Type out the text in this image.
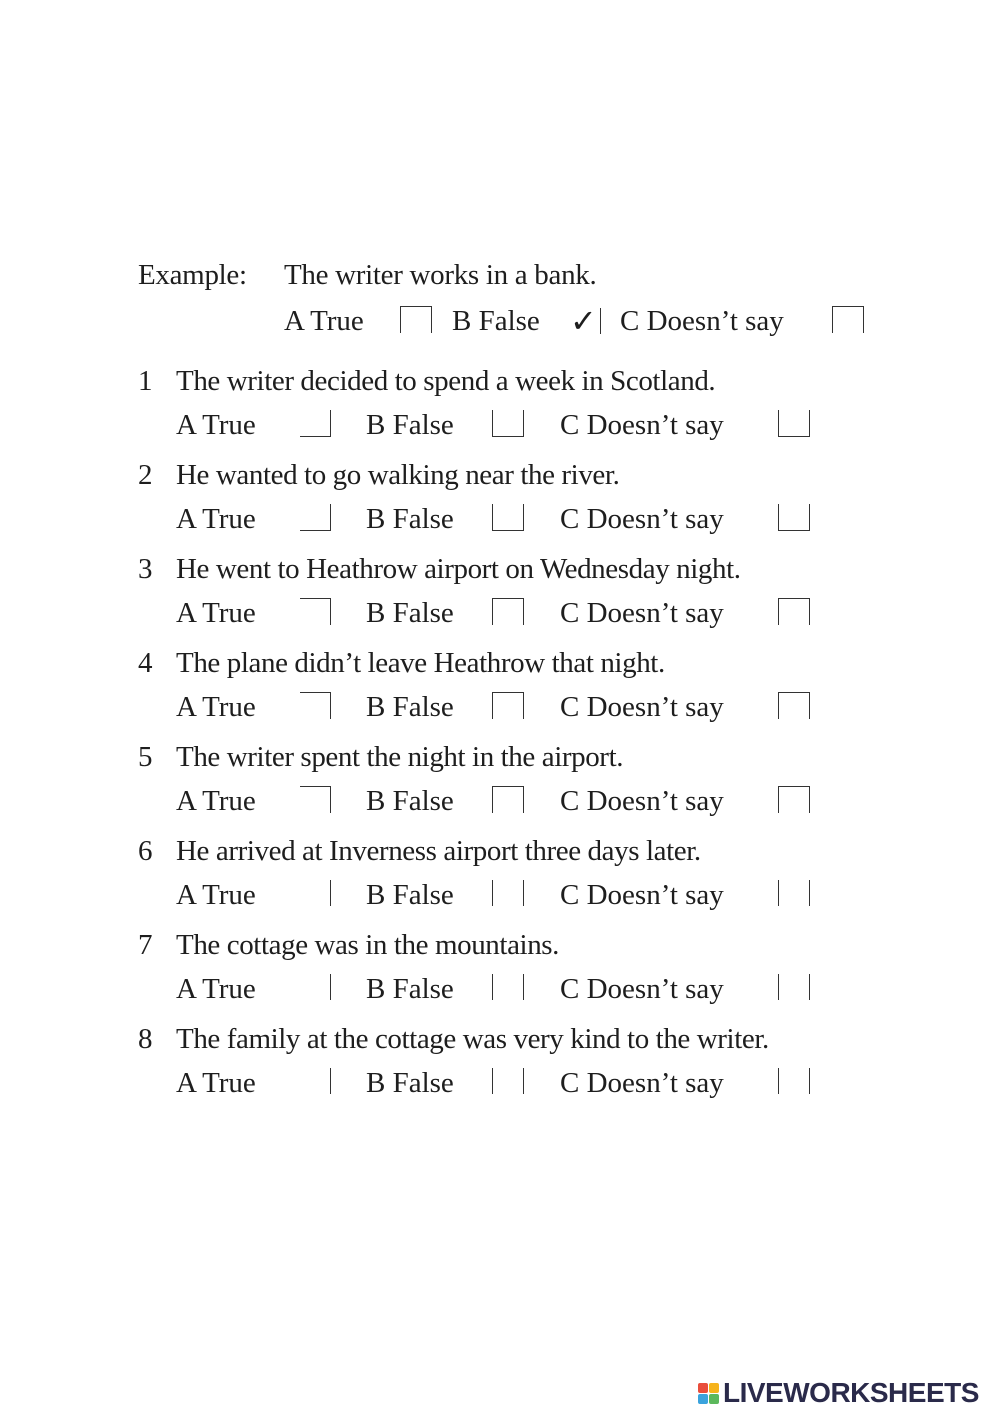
Example: The writer works in a bank.
A True	B False ✓ C Doesn’t say
1 The writer decided to spend a week in Scotland.
A True	B False	C Doesn’t say
2 He wanted to go walking near the river.
A True	B False	C Doesn’t say
3 He went to Heathrow airport on Wednesday night.
A True	B False	C Doesn’t say
4 The plane didn’t leave Heathrow that night.
A True	B False	C Doesn’t say
5 The writer spent the night in the airport.
A True	B False	C Doesn’t say
6 He arrived at Inverness airport three days later.
A True	B False	C Doesn’t say
7 The cottage was in the mountains.
A True	B False	C Doesn’t say
8 The family at the cottage was very kind to the writer.
A True	B False	C Doesn’t say
LIVEWORKSHEETS
